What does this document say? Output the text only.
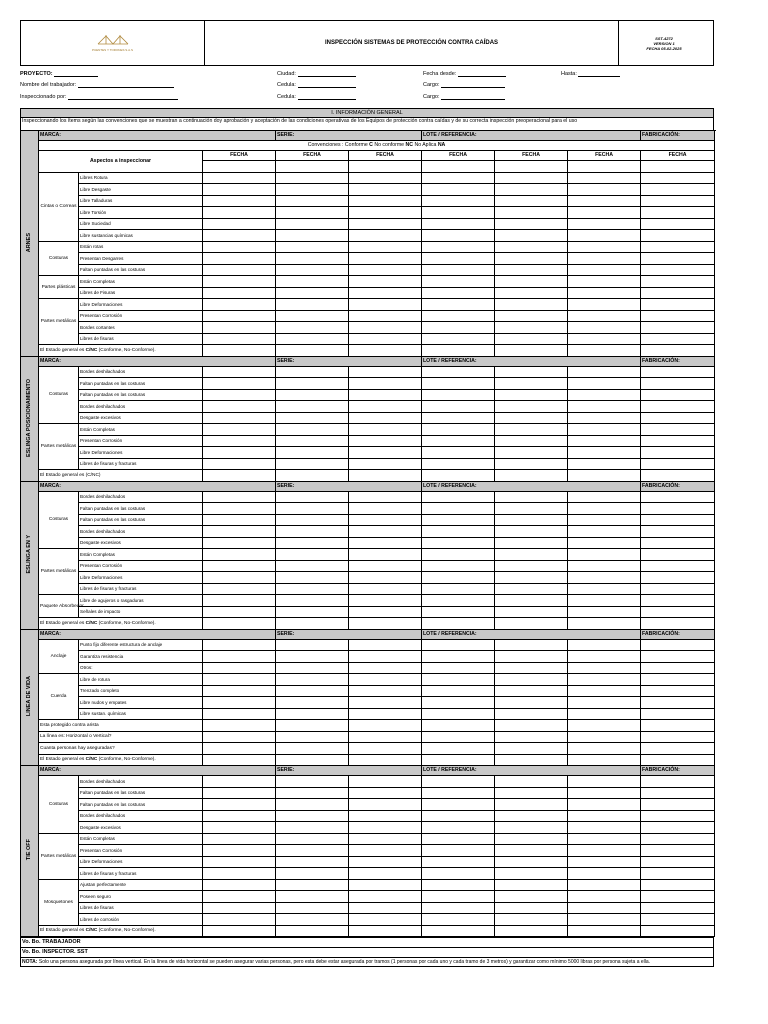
PUENTES Y TORONES S.A.S
INSPECCIÓN SISTEMAS DE PROTECCIÓN CONTRA CAÍDAS
SST-4272
VERSION 1
FECHA 05-02-2025
PROYECTO:
Nombre del trabajador:
Inspeccionado por:
Ciudad:
Cedula:
Cedula:
Fecha desde:
Cargo:
Cargo:
Hasta:
I. INFORMACIÓN GENERAL
Inspeccionando los ítems según las convenciones que se muestran a continuación doy aprobación y aceptación de las condiciones operativas de los Equipos de protección contra caídas y de su correcta inspección preoperacional para el uso
ARNES	MARCA:			SERIE:		LOTE / REFERENCIA:			FABRICACIÓN:
	Convenciones : Conforme C No conforme NC No Aplica NA								
	Aspectos a inspeccionar		FECHA	FECHA	FECHA	FECHA	FECHA	FECHA	FECHA

	Cintas o Correas	Libres Rotura							
		Libre Desgaste							
		Libre Talladuras							
		Libre Torsión							
		Libre Suciedad							
		Libre sustancias químicas							
	Costuras	Están rotas							
		Presentan Desgarres							
		Faltan puntadas en las costuras							
	Partes plásticas	Están Completas							
		Libres de Fisuras							
	Partes metálicas	Libre Deformaciones							
		Presentan Corrosión							
		Bordes cortantes							
		Libres de fisuras							
	El Estado general es C/NC (Conforme, No-Conforme).								
ESLINGA POSICIONAMIENTO	MARCA:			SERIE:		LOTE / REFERENCIA:			FABRICACIÓN:
	Costuras	Bordes deshilachados							
		Faltan puntadas en las costuras							
		Faltan puntadas en las costuras							
		Bordes deshilachados							
		Desgaste excesivos							
	Partes metálicas	Están Completas							
		Presentan Corrosión							
		Libre Deformaciones							
		Libres de fisuras y fracturas							
	El Estado general es (C/NC)								
ESLINGA EN Y	MARCA:			SERIE:		LOTE / REFERENCIA:			FABRICACIÓN:
	Costuras	Bordes deshilachados							
		Faltan puntadas en las costuras							
		Faltan puntadas en las costuras							
		Bordes deshilachados							
		Desgaste excesivos							
	Partes metálicas	Están Completas							
		Presentan Corrosión							
		Libre Deformaciones							
		Libres de fisuras y fracturas							
	Paquete Absorbedor	Libre de agujeros o rasgaduras							
		Señales de impacto							
	El Estado general es C/NC (Conforme, No-Conforme).								
LINEA DE VIDA	MARCA:			SERIE:		LOTE / REFERENCIA:			FABRICACIÓN:
	Anclaje	Punto fijo diferente estructura de anclaje							
		Garantiza resistencia							
		Otros:							
	Cuerda	Libre de rotura							
		Trenzado completo							
		Libre nudos y empates							
		Libre sustan. químicas							
	Esta protegido contra arista								
	La línea es: Horizontal o Vertical?								
	Cuanta personas hay aseguradas?								
	El Estado general es C/NC (Conforme, No-Conforme).								
TIE OFF	MARCA:			SERIE:		LOTE / REFERENCIA:			FABRICACIÓN:
	Costuras	Bordes deshilachados							
		Faltan puntadas en las costuras							
		Faltan puntadas en las costuras							
		Bordes deshilachados							
		Desgaste excesivos							
	Partes metálicas	Están Completas							
		Presentan Corrosión							
		Libre Deformaciones							
		Libres de fisuras y fracturas							
	Mosquetones	Ajustan perfectamente							
		Poseen seguro							
		Libres de fisuras							
		Libres de corrosión							
	El Estado general es C/NC (Conforme, No-Conforme).								
Vo. Bo. TRABAJADOR
Vo. Bo. INSPECTOR. SST
NOTA: Solo una persona asegurada por línea vertical. En la línea de vida horizontal se pueden asegurar varias personas, pero esta debe estar asegurada por tramos (1 personas por cada uno y cada tramo de 3 metros) y garantizar como mínimo 5000 libras por persona sujeta a ella.
